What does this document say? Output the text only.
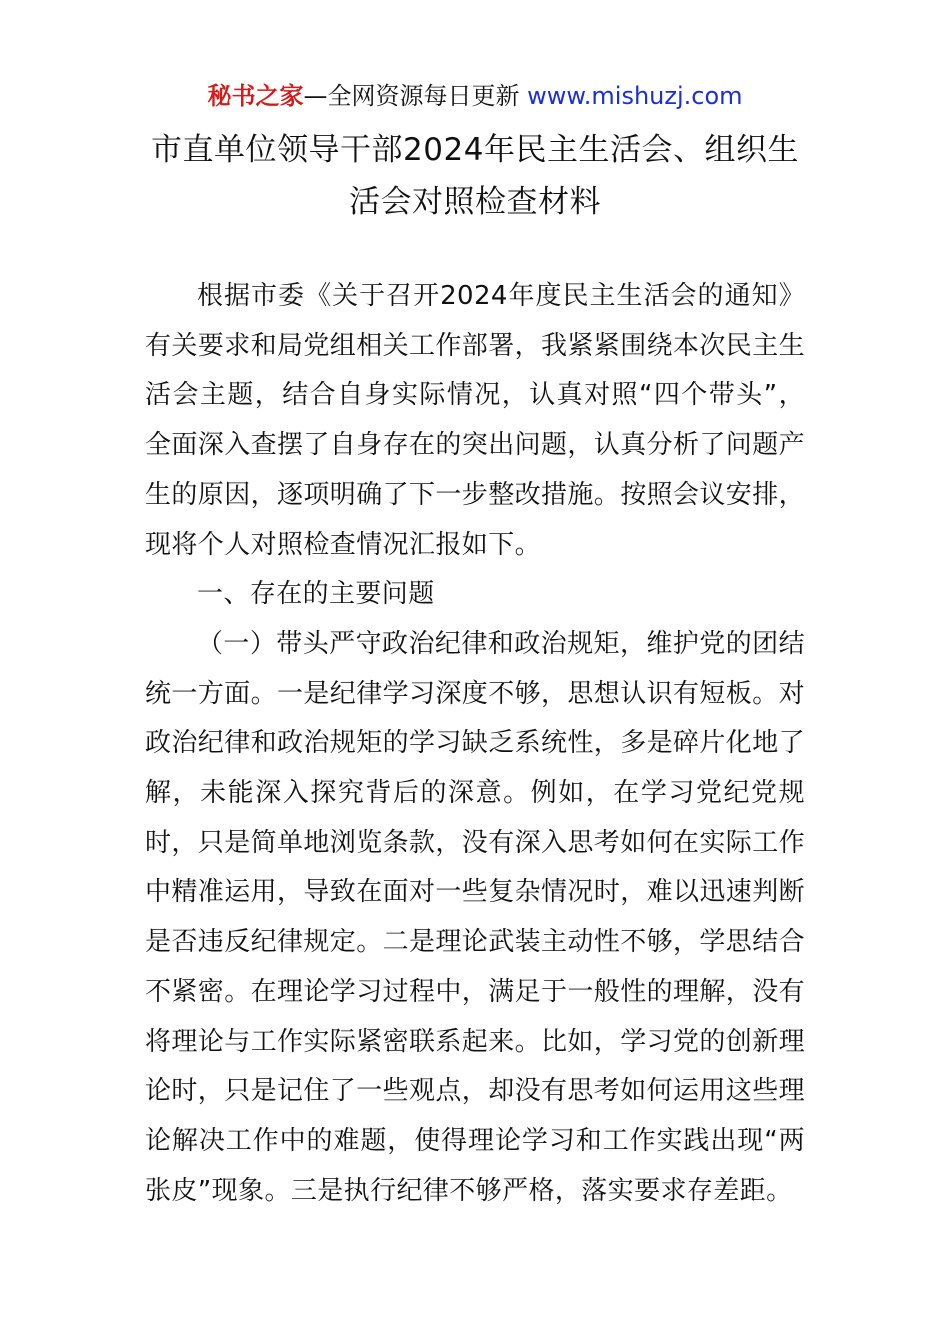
秘书之家—全网资源每日更新 www.mishuzj.com
市直单位领导干部2024年民主生活会、组织生活会对照检查材料

根据市委《关于召开2024年度民主生活会的通知》有关要求和局党组相关工作部署，我紧紧围绕本次民主生活会主题，结合自身实际情况，认真对照“四个带头”，全面深入查摆了自身存在的突出问题，认真分析了问题产生的原因，逐项明确了下一步整改措施。按照会议安排，现将个人对照检查情况汇报如下。

一、存在的主要问题

（一）带头严守政治纪律和政治规矩，维护党的团结统一方面。一是纪律学习深度不够，思想认识有短板。对政治纪律和政治规矩的学习缺乏系统性，多是碎片化地了解，未能深入探究背后的深意。例如，在学习党纪党规时，只是简单地浏览条款，没有深入思考如何在实际工作中精准运用，导致在面对一些复杂情况时，难以迅速判断是否违反纪律规定。二是理论武装主动性不够，学思结合不紧密。在理论学习过程中，满足于一般性的理解，没有将理论与工作实际紧密联系起来。比如，学习党的创新理论时，只是记住了一些观点，却没有思考如何运用这些理论解决工作中的难题，使得理论学习和工作实践出现“两张皮”现象。三是执行纪律不够严格，落实要求存差距。
